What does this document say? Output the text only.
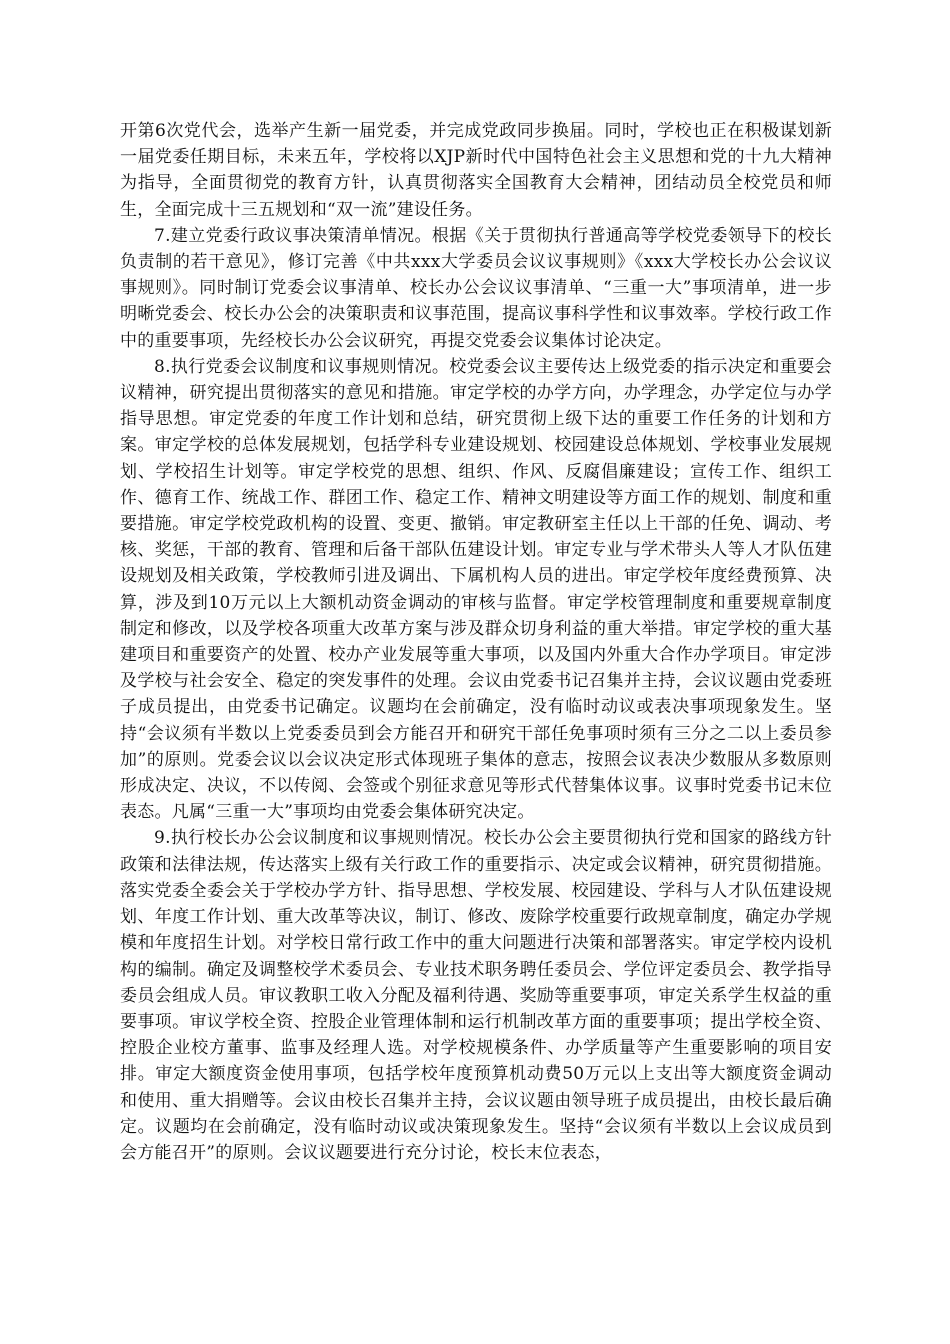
开第6次党代会，选举产生新一届党委，并完成党政同步换届。同时，学校也正在积极谋划新一届党委任期目标，未来五年，学校将以XJP新时代中国特色社会主义思想和党的十九大精神为指导，全面贯彻党的教育方针，认真贯彻落实全国教育大会精神，团结动员全校党员和师生，全面完成十三五规划和“双一流”建设任务。

7.建立党委行政议事决策清单情况。根据《关于贯彻执行普通高等学校党委领导下的校长负责制的若干意见》，修订完善《中共xxx大学委员会议议事规则》《xxx大学校长办公会议议事规则》。同时制订党委会议事清单、校长办公会议议事清单、“三重一大”事项清单，进一步明晰党委会、校长办公会的决策职责和议事范围，提高议事科学性和议事效率。学校行政工作中的重要事项，先经校长办公会议研究，再提交党委会议集体讨论决定。

8.执行党委会议制度和议事规则情况。校党委会议主要传达上级党委的指示决定和重要会议精神，研究提出贯彻落实的意见和措施。审定学校的办学方向，办学理念，办学定位与办学指导思想。审定党委的年度工作计划和总结，研究贯彻上级下达的重要工作任务的计划和方案。审定学校的总体发展规划，包括学科专业建设规划、校园建设总体规划、学校事业发展规划、学校招生计划等。审定学校党的思想、组织、作风、反腐倡廉建设；宣传工作、组织工作、德育工作、统战工作、群团工作、稳定工作、精神文明建设等方面工作的规划、制度和重要措施。审定学校党政机构的设置、变更、撤销。审定教研室主任以上干部的任免、调动、考核、奖惩，干部的教育、管理和后备干部队伍建设计划。审定专业与学术带头人等人才队伍建设规划及相关政策，学校教师引进及调出、下属机构人员的进出。审定学校年度经费预算、决算，涉及到10万元以上大额机动资金调动的审核与监督。审定学校管理制度和重要规章制度制定和修改，以及学校各项重大改革方案与涉及群众切身利益的重大举措。审定学校的重大基建项目和重要资产的处置、校办产业发展等重大事项，以及国内外重大合作办学项目。审定涉及学校与社会安全、稳定的突发事件的处理。会议由党委书记召集并主持，会议议题由党委班子成员提出，由党委书记确定。议题均在会前确定，没有临时动议或表决事项现象发生。坚持“会议须有半数以上党委委员到会方能召开和研究干部任免事项时须有三分之二以上委员参加”的原则。党委会议以会议决定形式体现班子集体的意志，按照会议表决少数服从多数原则形成决定、决议，不以传阅、会签或个别征求意见等形式代替集体议事。议事时党委书记末位表态。凡属“三重一大”事项均由党委会集体研究决定。

9.执行校长办公会议制度和议事规则情况。校长办公会主要贯彻执行党和国家的路线方针政策和法律法规，传达落实上级有关行政工作的重要指示、决定或会议精神，研究贯彻措施。落实党委全委会关于学校办学方针、指导思想、学校发展、校园建设、学科与人才队伍建设规划、年度工作计划、重大改革等决议，制订、修改、废除学校重要行政规章制度，确定办学规模和年度招生计划。对学校日常行政工作中的重大问题进行决策和部署落实。审定学校内设机构的编制。确定及调整校学术委员会、专业技术职务聘任委员会、学位评定委员会、教学指导委员会组成人员。审议教职工收入分配及福利待遇、奖励等重要事项，审定关系学生权益的重要事项。审议学校全资、控股企业管理体制和运行机制改革方面的重要事项；提出学校全资、控股企业校方董事、监事及经理人选。对学校规模条件、办学质量等产生重要影响的项目安排。审定大额度资金使用事项，包括学校年度预算机动费50万元以上支出等大额度资金调动和使用、重大捐赠等。会议由校长召集并主持，会议议题由领导班子成员提出，由校长最后确定。议题均在会前确定，没有临时动议或决策现象发生。坚持“会议须有半数以上会议成员到会方能召开”的原则。会议议题要进行充分讨论，校长末位表态，
